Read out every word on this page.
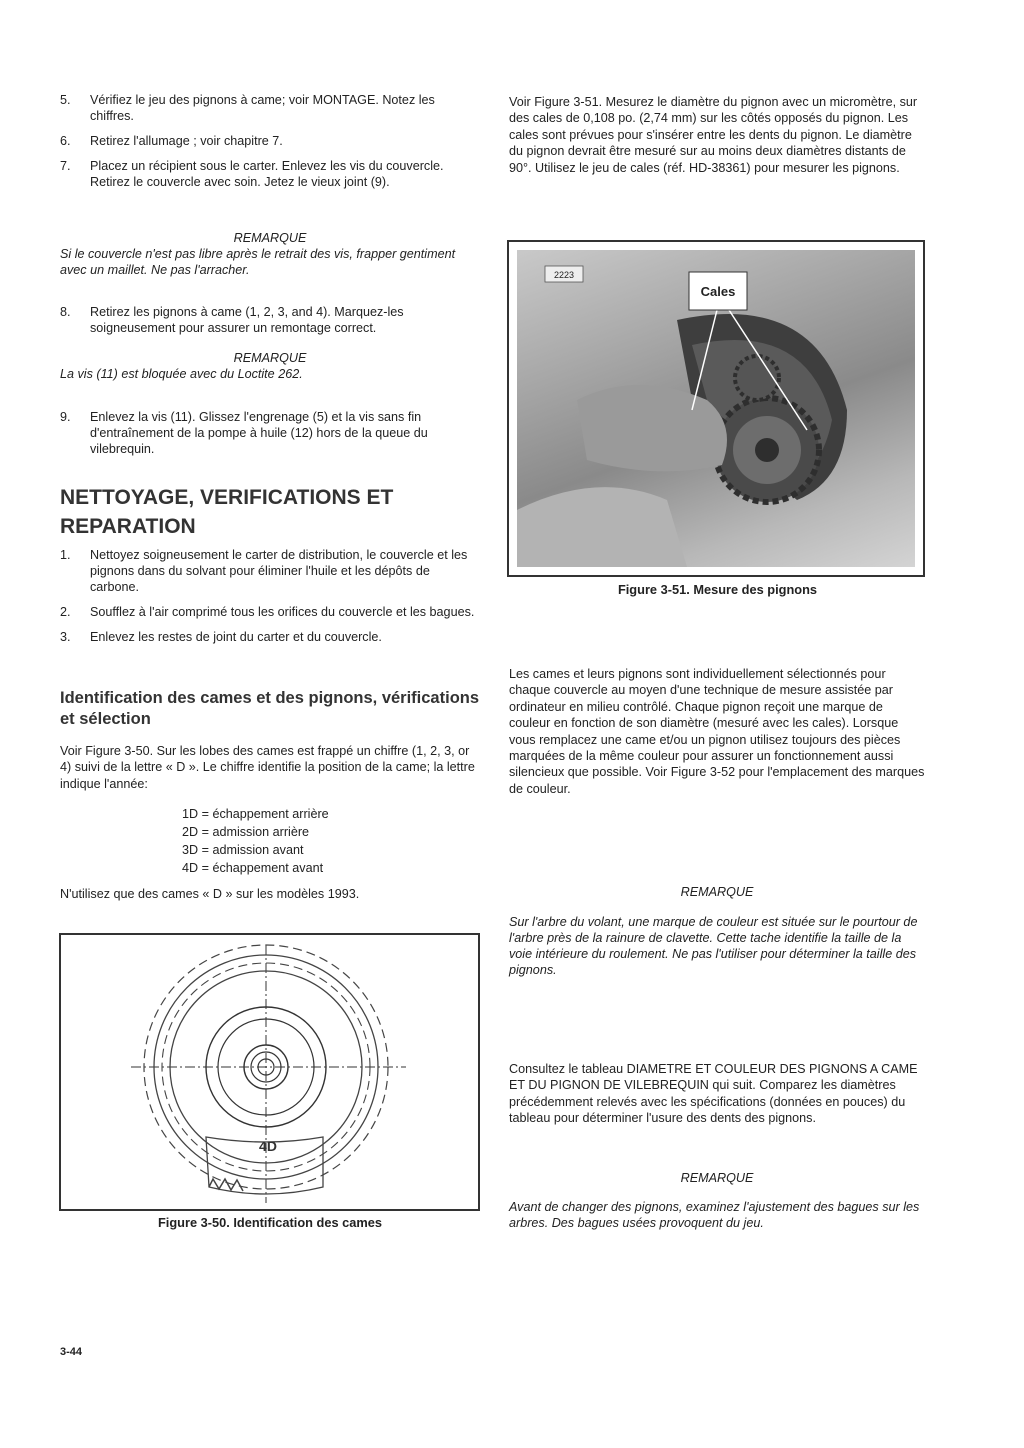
5.	Vérifiez le jeu des pignons à came; voir MONTAGE. Notez les chiffres.
6.	Retirez l'allumage ; voir chapitre 7.
7.	Placez un récipient sous le carter. Enlevez les vis du couvercle. Retirez le couvercle avec soin. Jetez le vieux joint (9).
REMARQUE
Si le couvercle n'est pas libre après le retrait des vis, frapper gentiment avec un maillet. Ne pas l'arracher.
8.	Retirez les pignons à came (1, 2, 3, and 4). Marquez-les soigneusement pour assurer un remontage correct.
REMARQUE
La vis (11) est bloquée avec du Loctite 262.
9.	Enlevez la vis (11). Glissez l'engrenage (5) et la vis sans fin d'entraînement de la pompe à huile (12) hors de la queue du vilebrequin.
NETTOYAGE, VERIFICATIONS ET
REPARATION
1.	Nettoyez soigneusement le carter de distribution, le couvercle et les pignons dans du solvant pour éliminer l'huile et les dépôts de carbone.
2.	Soufflez à l'air comprimé tous les orifices du couvercle et les bagues.
3.	Enlevez les restes de joint du carter et du couvercle.
Identification des cames et des pignons, vérifications et sélection
Voir Figure 3-50. Sur les lobes des cames est frappé un chiffre (1, 2, 3, or 4) suivi de la lettre « D ». Le chiffre identifie la position de la came; la lettre indique l'année:
1D = échappement arrière
2D = admission arrière
3D = admission avant
4D = échappement avant
N'utilisez que des cames « D » sur les modèles 1993.
4D
Figure 3-50. Identification des cames
3-44
Voir Figure 3-51. Mesurez le diamètre du pignon avec un micromètre, sur des cales de 0,108 po. (2,74 mm) sur les côtés opposés du pignon. Les cales sont prévues pour s'insérer entre les dents du pignon. Le diamètre du pignon devrait être mesuré sur au moins deux diamètres distants de 90°. Utilisez le jeu de cales (réf. HD-38361) pour mesurer les pignons.
Cales
2223
Figure 3-51. Mesure des pignons
Les cames et leurs pignons sont individuellement sélectionnés pour chaque couvercle au moyen d'une technique de mesure assistée par ordinateur en milieu contrôlé. Chaque pignon reçoit une marque de couleur en fonction de son diamètre (mesuré avec les cales). Lorsque vous remplacez une came et/ou un pignon utilisez toujours des pièces marquées de la même couleur pour assurer un fonctionnement aussi silencieux que possible. Voir Figure 3-52 pour l'emplacement des marques de couleur.
REMARQUE
Sur l'arbre du volant, une marque de couleur est située sur le pourtour de l'arbre près de la rainure de clavette. Cette tache identifie la taille de la voie intérieure du roulement. Ne pas l'utiliser pour déterminer la taille des pignons.
Consultez le tableau DIAMETRE ET COULEUR DES PIGNONS A CAME ET DU PIGNON DE VILEBREQUIN qui suit. Comparez les diamètres précédemment relevés avec les spécifications (données en pouces) du tableau pour déterminer l'usure des dents des pignons.
REMARQUE
Avant de changer des pignons, examinez l'ajustement des bagues sur les arbres. Des bagues usées provoquent du jeu.
